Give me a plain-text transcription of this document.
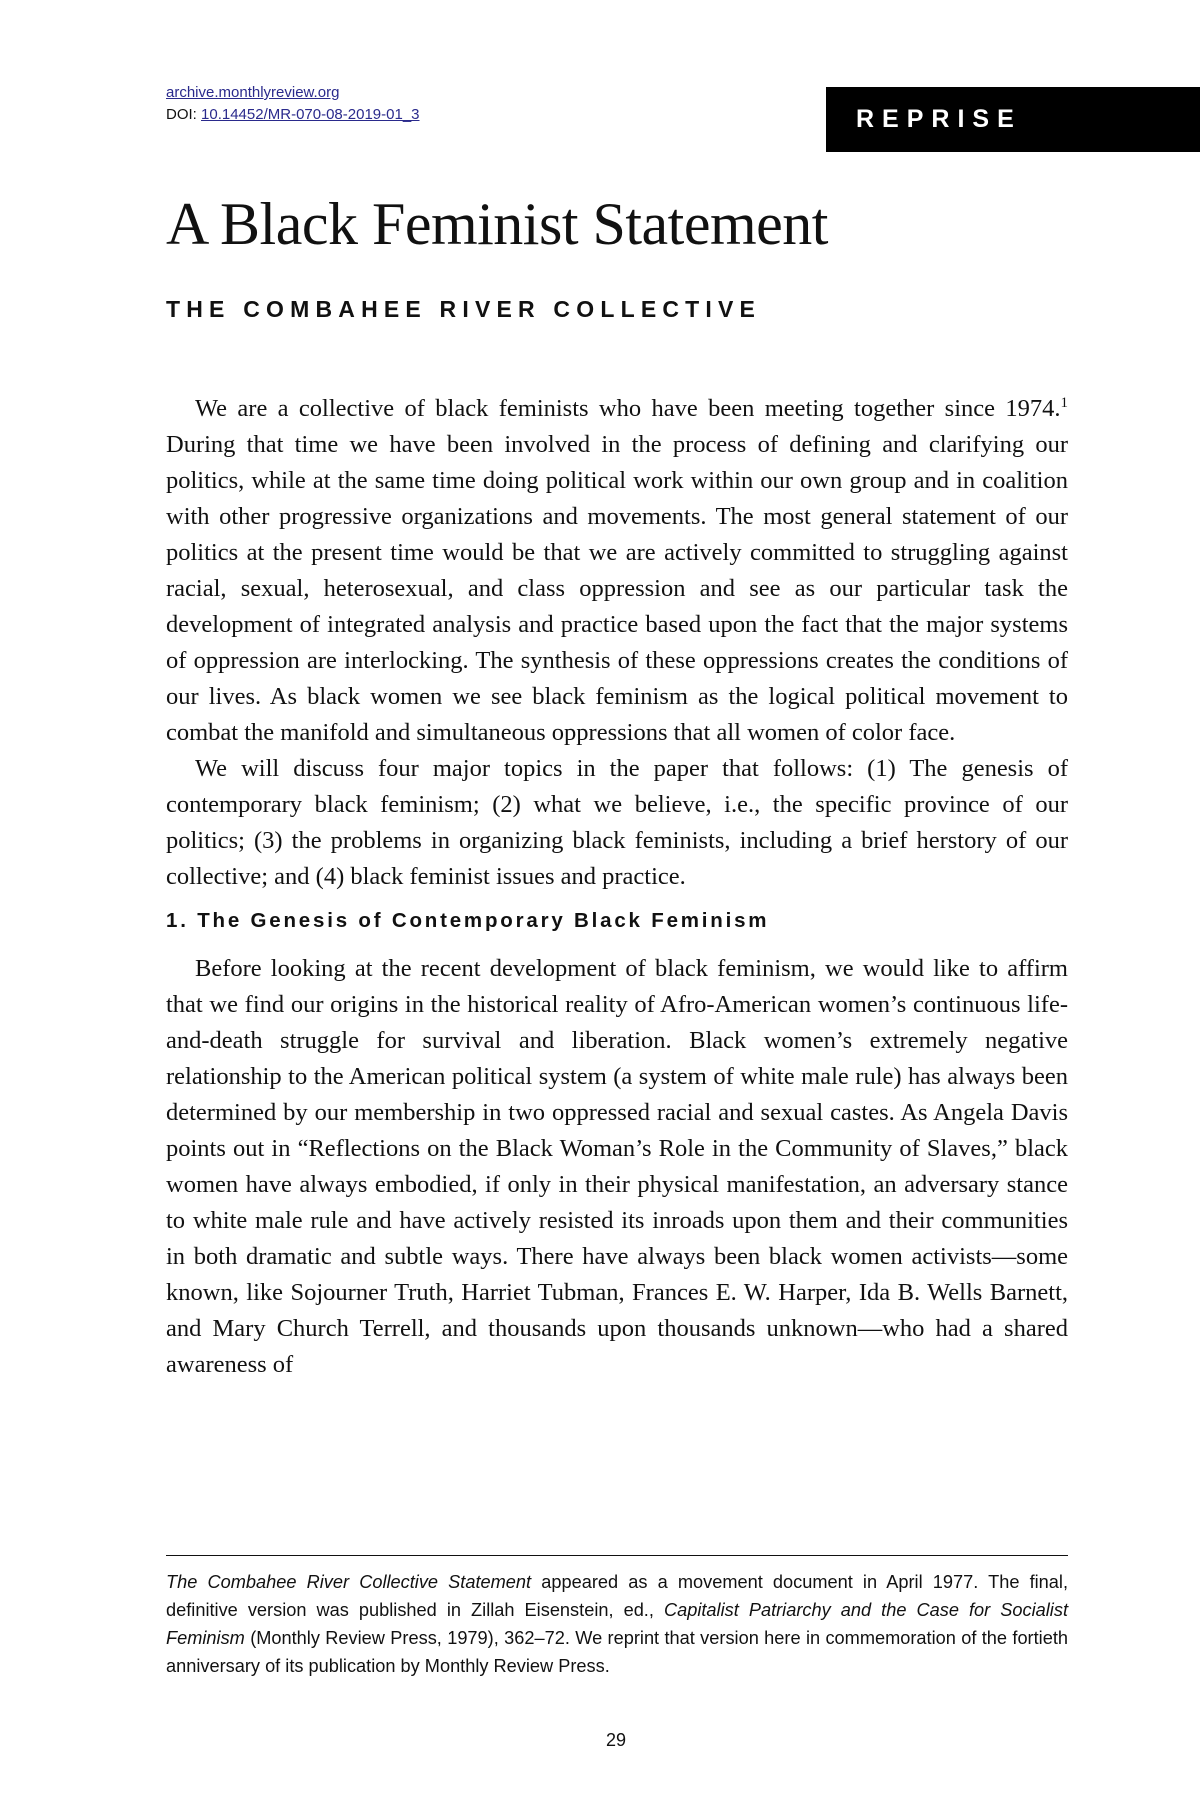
archive.monthlyreview.org
DOI: 10.14452/MR-070-08-2019-01_3	REPRISE
A Black Feminist Statement
THE COMBAHEE RIVER COLLECTIVE

We are a collective of black feminists who have been meeting together since 1974.$^1$ During that time we have been involved in the process of defining and clarifying our politics, while at the same time doing political work within our own group and in coalition with other progressive organizations and movements. The most general statement of our politics at the present time would be that we are actively committed to struggling against racial, sexual, heterosexual, and class oppression and see as our particular task the development of integrated analysis and practice based upon the fact that the major systems of oppression are interlocking. The synthesis of these oppressions creates the conditions of our lives. As black women we see black feminism as the logical political movement to combat the manifold and simultaneous oppressions that all women of color face.

We will discuss four major topics in the paper that follows: (1) The genesis of contemporary black feminism; (2) what we believe, i.e., the specific province of our politics; (3) the problems in organizing black feminists, including a brief herstory of our collective; and (4) black feminist issues and practice.

1. The Genesis of Contemporary Black Feminism

Before looking at the recent development of black feminism, we would like to affirm that we find our origins in the historical reality of Afro-American women’s continuous life-and-death struggle for survival and liberation. Black women’s extremely negative relationship to the American political system (a system of white male rule) has always been determined by our membership in two oppressed racial and sexual castes. As Angela Davis points out in “Reflections on the Black Woman’s Role in the Community of Slaves,” black women have always embodied, if only in their physical manifestation, an adversary stance to white male rule and have actively resisted its inroads upon them and their communities in both dramatic and subtle ways. There have always been black women activists—some known, like Sojourner Truth, Harriet Tubman, Frances E. W. Harper, Ida B. Wells Barnett, and Mary Church Terrell, and thousands upon thousands unknown—who had a shared awareness of

The Combahee River Collective Statement appeared as a movement document in April 1977. The final, definitive version was published in Zillah Eisenstein, ed., Capitalist Patriarchy and the Case for Socialist Feminism (Monthly Review Press, 1979), 362–72. We reprint that version here in commemoration of the fortieth anniversary of its publication by Monthly Review Press.
29
